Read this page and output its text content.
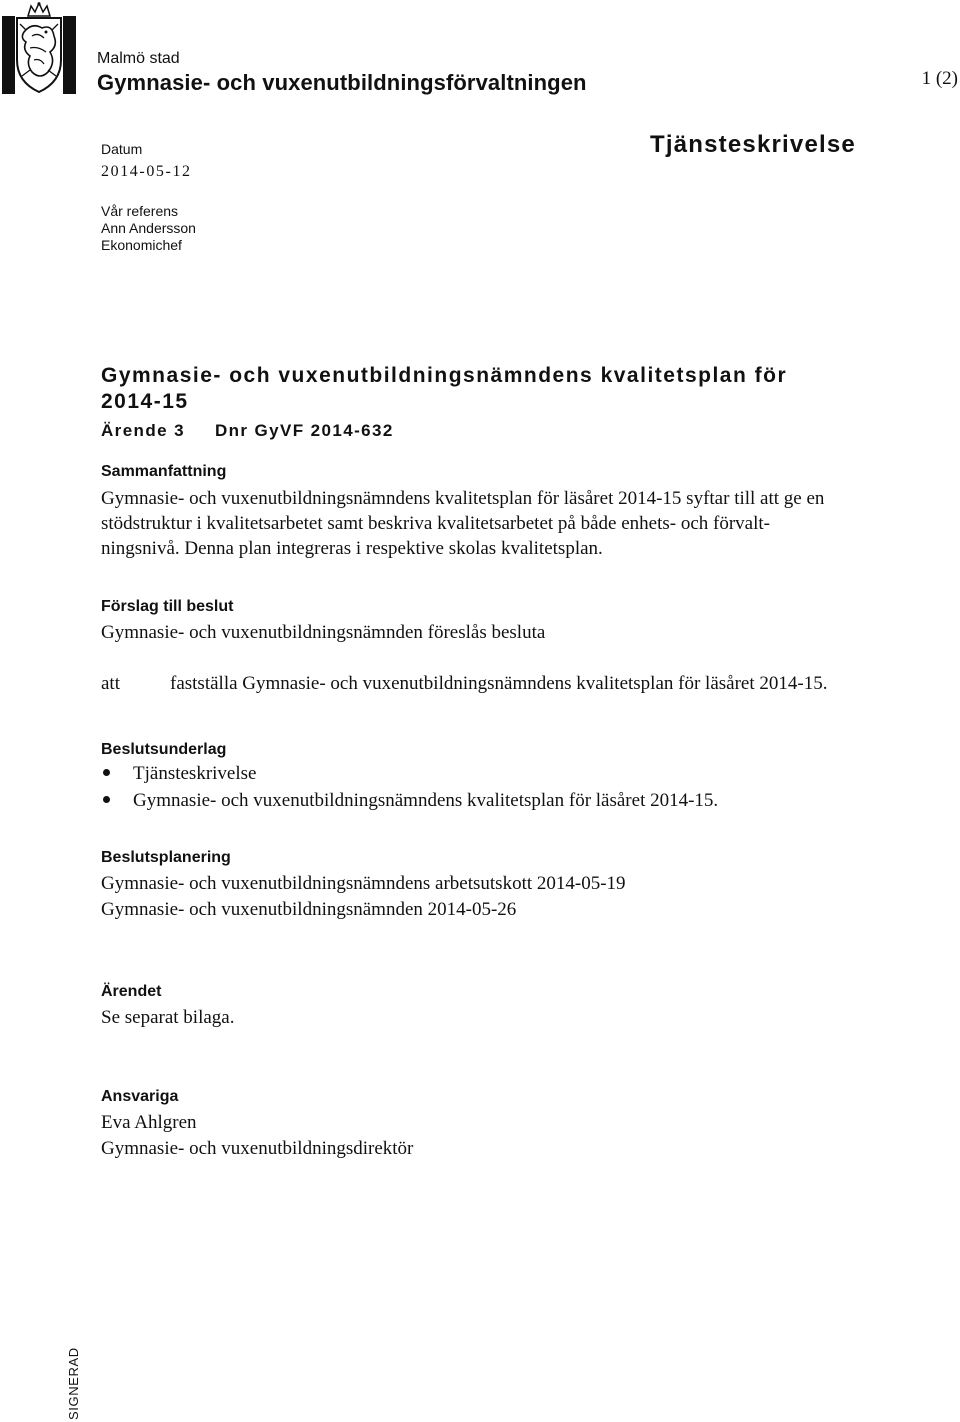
Malmö stad
Gymnasie- och vuxenutbildningsförvaltningen	1 (2)
Datum
2014-05-12
Vår referens
Ann Andersson
Ekonomichef
Tjänsteskrivelse
Gymnasie- och vuxenutbildningsnämndens kvalitetsplan för
2014-15
Ärende 3 Dnr GyVF 2014-632
Sammanfattning
Gymnasie- och vuxenutbildningsnämndens kvalitetsplan för läsåret 2014-15 syftar till att ge en
stödstruktur i kvalitetsarbetet samt beskriva kvalitetsarbetet på både enhets- och förvalt-
ningsnivå. Denna plan integreras i respektive skolas kvalitetsplan.
Förslag till beslut
Gymnasie- och vuxenutbildningsnämnden föreslås besluta
att	fastställa Gymnasie- och vuxenutbildningsnämndens kvalitetsplan för läsåret 2014-15.
Beslutsunderlag
Tjänsteskrivelse
Gymnasie- och vuxenutbildningsnämndens kvalitetsplan för läsåret 2014-15.
Beslutsplanering
Gymnasie- och vuxenutbildningsnämndens arbetsutskott 2014-05-19
Gymnasie- och vuxenutbildningsnämnden 2014-05-26
Ärendet
Se separat bilaga.
Ansvariga
Eva Ahlgren
Gymnasie- och vuxenutbildningsdirektör
SIGNERAD
